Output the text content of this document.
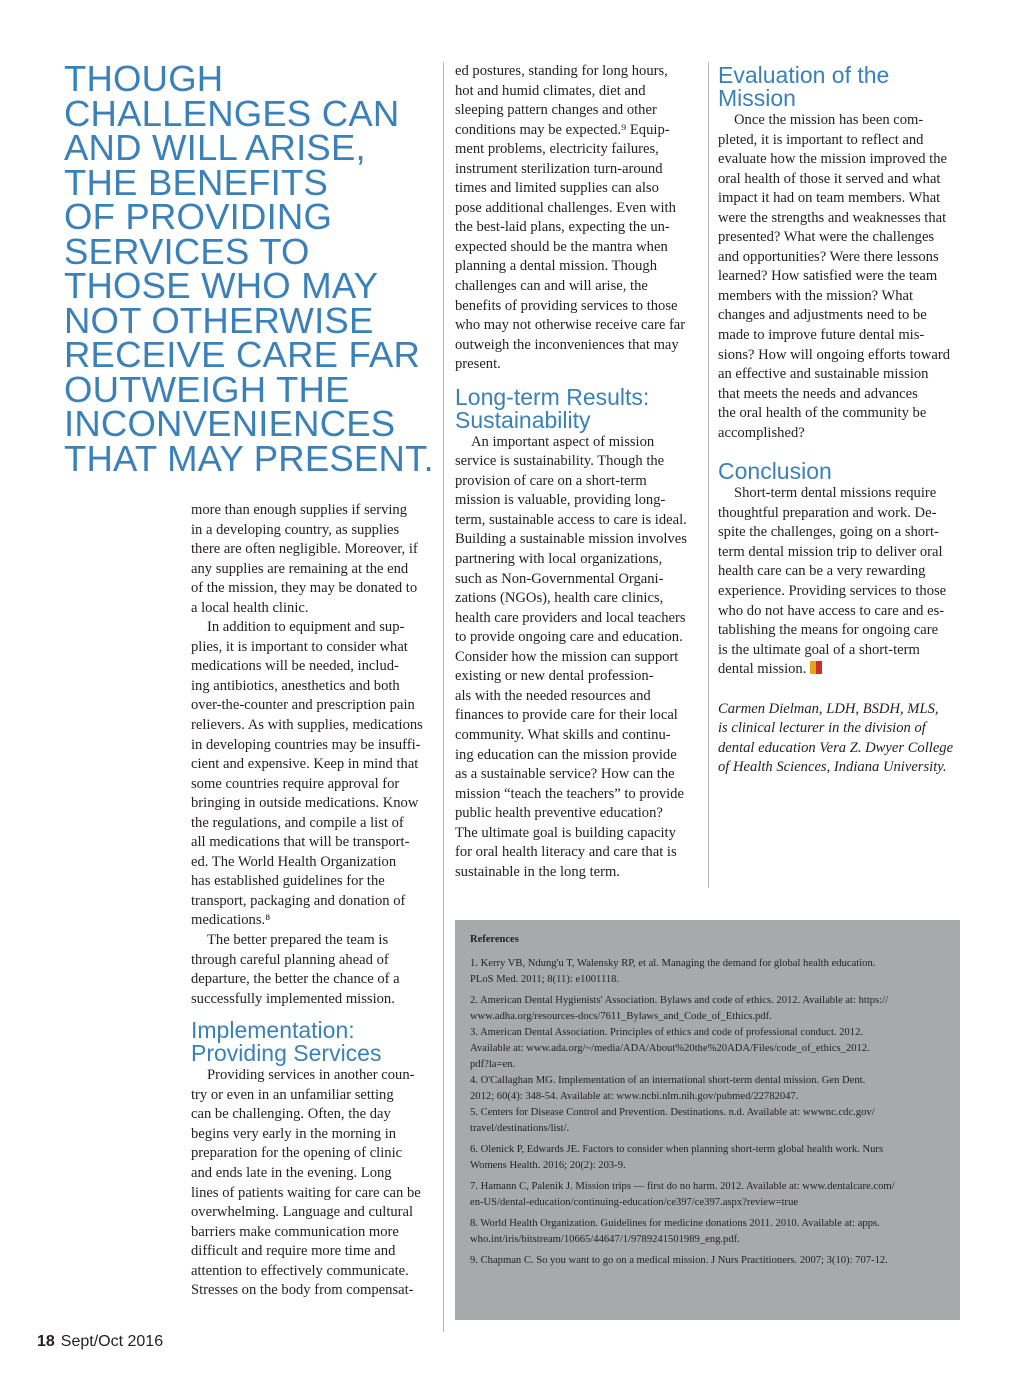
THOUGH
CHALLENGES CAN
AND WILL ARISE,
THE BENEFITS
OF PROVIDING
SERVICES TO
THOSE WHO MAY
NOT OTHERWISE
RECEIVE CARE FAR
OUTWEIGH THE
INCONVENIENCES
THAT MAY PRESENT.

more than enough supplies if serving
in a developing country, as supplies
there are often negligible. Moreover, if
any supplies are remaining at the end
of the mission, they may be donated to
a local health clinic.

In addition to equipment and sup-
plies, it is important to consider what
medications will be needed, includ-
ing antibiotics, anesthetics and both
over-the-counter and prescription pain
relievers. As with supplies, medications
in developing countries may be insuffi-
cient and expensive. Keep in mind that
some countries require approval for
bringing in outside medications. Know
the regulations, and compile a list of
all medications that will be transport-
ed. The World Health Organization
has established guidelines for the
transport, packaging and donation of
medications.⁸

The better prepared the team is
through careful planning ahead of
departure, the better the chance of a
successfully implemented mission.

Implementation:
Providing Services

Providing services in another coun-
try or even in an unfamiliar setting
can be challenging. Often, the day
begins very early in the morning in
preparation for the opening of clinic
and ends late in the evening. Long
lines of patients waiting for care can be
overwhelming. Language and cultural
barriers make communication more
difficult and require more time and
attention to effectively communicate.
Stresses on the body from compensat-

ed postures, standing for long hours,
hot and humid climates, diet and
sleeping pattern changes and other
conditions may be expected.⁹ Equip-
ment problems, electricity failures,
instrument sterilization turn-around
times and limited supplies can also
pose additional challenges. Even with
the best-laid plans, expecting the un-
expected should be the mantra when
planning a dental mission. Though
challenges can and will arise, the
benefits of providing services to those
who may not otherwise receive care far
outweigh the inconveniences that may
present.

Long-term Results:
Sustainability

An important aspect of mission
service is sustainability. Though the
provision of care on a short-term
mission is valuable, providing long-
term, sustainable access to care is ideal.
Building a sustainable mission involves
partnering with local organizations,
such as Non-Governmental Organi-
zations (NGOs), health care clinics,
health care providers and local teachers
to provide ongoing care and education.
Consider how the mission can support
existing or new dental profession-
als with the needed resources and
finances to provide care for their local
community. What skills and continu-
ing education can the mission provide
as a sustainable service? How can the
mission “teach the teachers” to provide
public health preventive education?
The ultimate goal is building capacity
for oral health literacy and care that is
sustainable in the long term.

Evaluation of the
Mission

Once the mission has been com-
pleted, it is important to reflect and
evaluate how the mission improved the
oral health of those it served and what
impact it had on team members. What
were the strengths and weaknesses that
presented? What were the challenges
and opportunities? Were there lessons
learned? How satisfied were the team
members with the mission? What
changes and adjustments need to be
made to improve future dental mis-
sions? How will ongoing efforts toward
an effective and sustainable mission
that meets the needs and advances
the oral health of the community be
accomplished?

Conclusion

Short-term dental missions require
thoughtful preparation and work. De-
spite the challenges, going on a short-
term dental mission trip to deliver oral
health care can be a very rewarding
experience. Providing services to those
who do not have access to care and es-
tablishing the means for ongoing care
is the ultimate goal of a short-term
dental mission.

Carmen Dielman, LDH, BSDH, MLS,
is clinical lecturer in the division of
dental education Vera Z. Dwyer College
of Health Sciences, Indiana University.

References
1. Kerry VB, Ndung'u T, Walensky RP, et al. Managing the demand for global health education.
PLoS Med. 2011; 8(11): e1001118.
2. American Dental Hygienists' Association. Bylaws and code of ethics. 2012. Available at: https://
www.adha.org/resources-docs/7611_Bylaws_and_Code_of_Ethics.pdf.
3. American Dental Association. Principles of ethics and code of professional conduct. 2012.
Available at: www.ada.org/~/media/ADA/About%20the%20ADA/Files/code_of_ethics_2012.
pdf?la=en.
4. O'Callaghan MG. Implementation of an international short-term dental mission. Gen Dent.
2012; 60(4): 348-54. Available at: www.ncbi.nlm.nih.gov/pubmed/22782047.
5. Centers for Disease Control and Prevention. Destinations. n.d. Available at: wwwnc.cdc.gov/
travel/destinations/list/.
6. Olenick P, Edwards JE. Factors to consider when planning short-term global health work. Nurs
Womens Health. 2016; 20(2): 203-9.
7. Hamann C, Palenik J. Mission trips — first do no harm. 2012. Available at: www.dentalcare.com/
en-US/dental-education/continuing-education/ce397/ce397.aspx?review=true
8. World Health Organization. Guidelines for medicine donations 2011. 2010. Available at: apps.
who.int/iris/bitstream/10665/44647/1/9789241501989_eng.pdf.
9. Chapman C. So you want to go on a medical mission. J Nurs Practitioners. 2007; 3(10): 707-12.
18 Sept/Oct 2016
